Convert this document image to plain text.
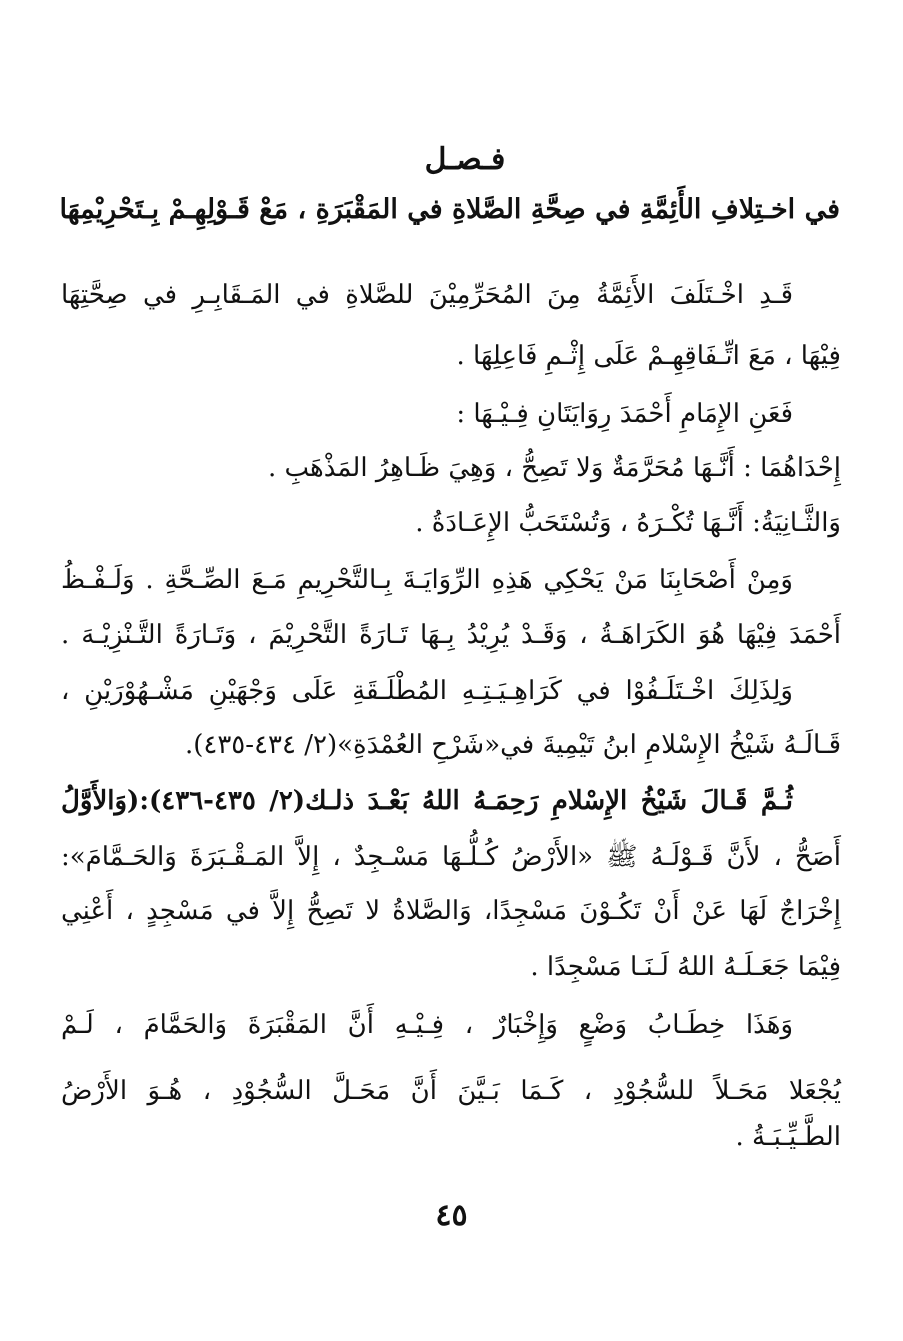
فـصـل
في اخـتِلافِ الأَئِمَّةِ في صِحَّةِ الصَّلاةِ في المَقْبَرَةِ ، مَعْ قَـوْلِهِـمْ بِـتَحْرِيْمِهَا
قَـدِ اخْـتَلَفَ الأَئِمَّةُ مِنَ المُحَرِّمِيْنَ للصَّلاةِ في المَـقَابِـرِ في صِحَّتِهَا
فِيْهَا ، مَعَ اتِّـفَاقِهِـمْ عَلَى إِثْـمِ فَاعِلِهَا .
فَعَنِ الإِمَامِ أَحْمَدَ رِوَايَتَانِ فِـيْـهَا :
إِحْدَاهُمَا : أَنَّـهَا مُحَرَّمَةٌ وَلا تَصِحُّ ، وَهِيَ ظَـاهِرُ المَذْهَبِ .
وَالثَّـانِيَةُ: أَنَّـهَا تُكْـرَهُ ، وَتُسْتَحَبُّ الإِعَـادَةُ .
وَمِنْ أَصْحَابِنَا مَنْ يَحْكِي هَذِهِ الرِّوَايَـةَ بِـالتَّحْرِيمِ مَـعَ الصِّـحَّةِ . وَلَـفْـظُ
أَحْمَدَ فِيْهَا هُوَ الكَرَاهَـةُ ، وَقَـدْ يُرِيْدُ بِـهَا تَـارَةً التَّحْرِيْمَ ، وَتَـارَةً التَّـنْزِيْـهَ .
وَلِذَلِكَ اخْـتَلَـفُوْا في كَرَاهِـيَـتِـهِ المُطْلَـقَةِ عَلَى وَجْهَيْنِ مَشْـهُوْرَيْنِ ،
قَـالَـهُ شَيْخُ الإِسْلامِ ابنُ تَيْمِيةَ في«شَرْحِ العُمْدَةِ»(٢/ ٤٣٤-٤٣٥).
ثُـمَّ قَـالَ شَيْخُ الإِسْلامِ رَحِمَـهُ اللهُ بَعْـدَ ذلـك(٢/ ٤٣٥-٤٣٦):(وَالأَوَّلُ
أَصَحُّ ، لأَنَّ قَـوْلَـهُ ﷺ «الأَرْضُ كُـلُّـهَا مَسْـجِدٌ ، إِلاَّ المَـقْـبَرَةَ وَالحَـمَّامَ»:
إِخْرَاجٌ لَهَا عَنْ أَنْ تَكُـوْنَ مَسْجِدًا، وَالصَّلاةُ لا تَصِحُّ إِلاَّ في مَسْجِدٍ ، أَعْنِي
فِيْمَا جَعَـلَـهُ اللهُ لَـنَـا مَسْجِدًا .
وَهَذَا خِطَـابُ وَضْعٍ وَإِخْبَارٌ ، فِـيْـهِ أَنَّ المَقْبَرَةَ وَالحَمَّامَ ، لَـمْ
يُجْعَلا مَحَـلاً للسُّجُوْدِ ، كَـمَا بَـيَّنَ أَنَّ مَحَـلَّ السُّجُوْدِ ، هُـوَ الأَرْضُ
الطَّـيِّـبَـةُ .
٤٥
